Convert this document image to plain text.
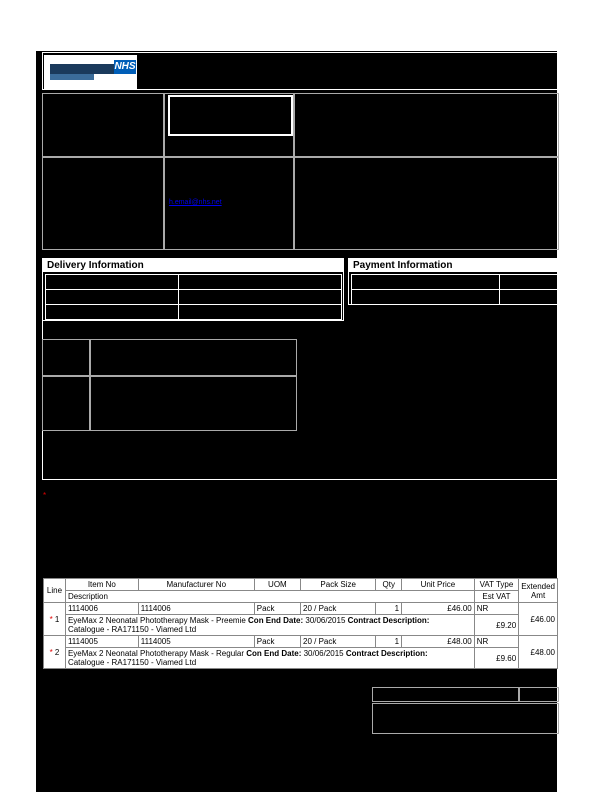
NHS
h.email@nhs.net
Delivery Information

		Payment Information

*
Line	Item No	Manufacturer No	UOM	Pack Size	Qty	Unit Price	VAT Type	Extended Amt
	Description						Est VAT	
* 1	1114006	1114006	Pack	20 / Pack	1	£46.00	NR	£46.00
	EyeMax 2 Neonatal Phototherapy Mask - Preemie Con End Date: 30/06/2015 Contract Description:
Catalogue - RA171150 - Viamed Ltd						£9.20	
* 2	1114005	1114005	Pack	20 / Pack	1	£48.00	NR	£48.00
	EyeMax 2 Neonatal Phototherapy Mask - Regular Con End Date: 30/06/2015 Contract Description:
Catalogue - RA171150 - Viamed Ltd						£9.60	
